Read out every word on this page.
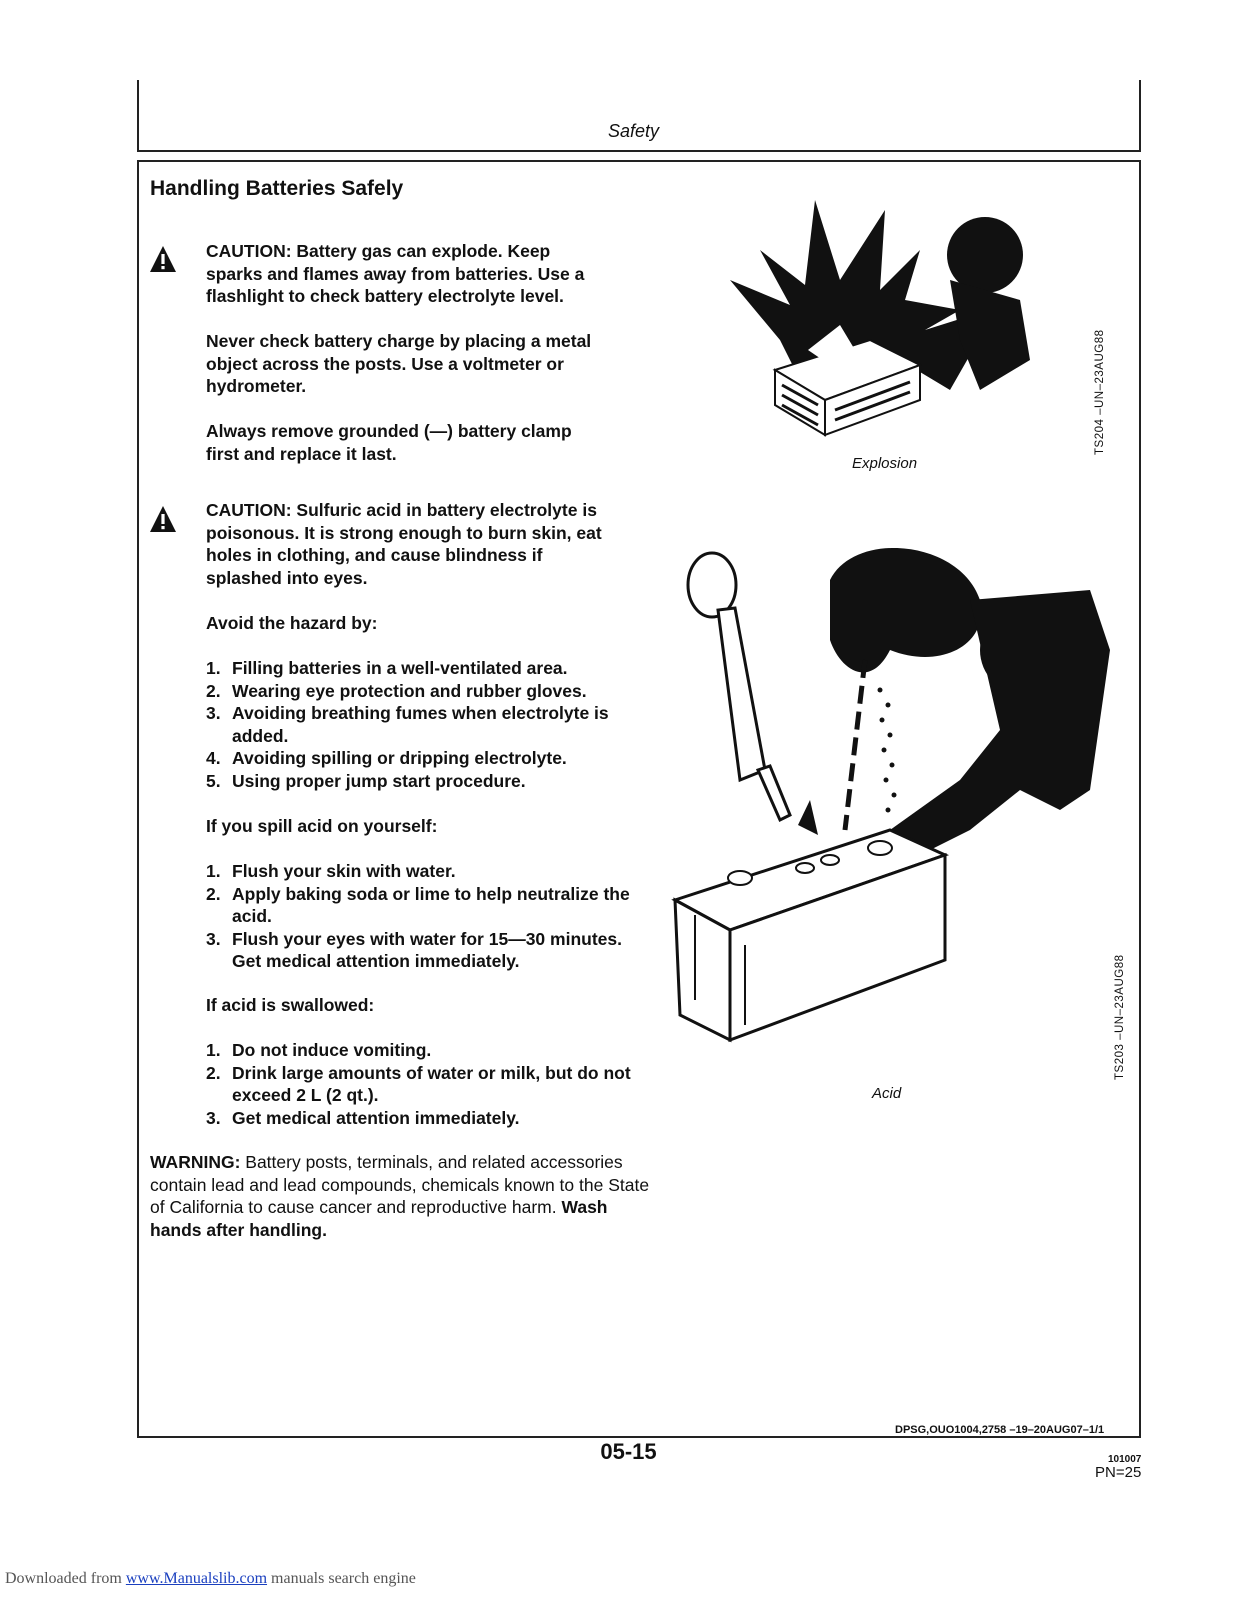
Safety
Handling Batteries Safely
CAUTION: Battery gas can explode. Keep
sparks and flames away from batteries. Use a
flashlight to check battery electrolyte level.
Never check battery charge by placing a metal
object across the posts. Use a voltmeter or
hydrometer.
Always remove grounded (—) battery clamp
first and replace it last.
CAUTION: Sulfuric acid in battery electrolyte is
poisonous. It is strong enough to burn skin, eat
holes in clothing, and cause blindness if
splashed into eyes.
Avoid the hazard by:
1. Filling batteries in a well-ventilated area.
2. Wearing eye protection and rubber gloves.
3. Avoiding breathing fumes when electrolyte is added.
4. Avoiding spilling or dripping electrolyte.
5. Using proper jump start procedure.
If you spill acid on yourself:
1. Flush your skin with water.
2. Apply baking soda or lime to help neutralize the acid.
3. Flush your eyes with water for 15—30 minutes. Get medical attention immediately.
If acid is swallowed:
1. Do not induce vomiting.
2. Drink large amounts of water or milk, but do not exceed 2 L (2 qt.).
3. Get medical attention immediately.
WARNING: Battery posts, terminals, and related accessories contain lead and lead compounds, chemicals known to the State of California to cause cancer and reproductive harm. Wash hands after handling.
Explosion
TS204 –UN–23AUG88
Acid
TS203 –UN–23AUG88
DPSG,OUO1004,2758 –19–20AUG07–1/1
05-15	101007
PN=25
Downloaded from www.Manualslib.com manuals search engine
